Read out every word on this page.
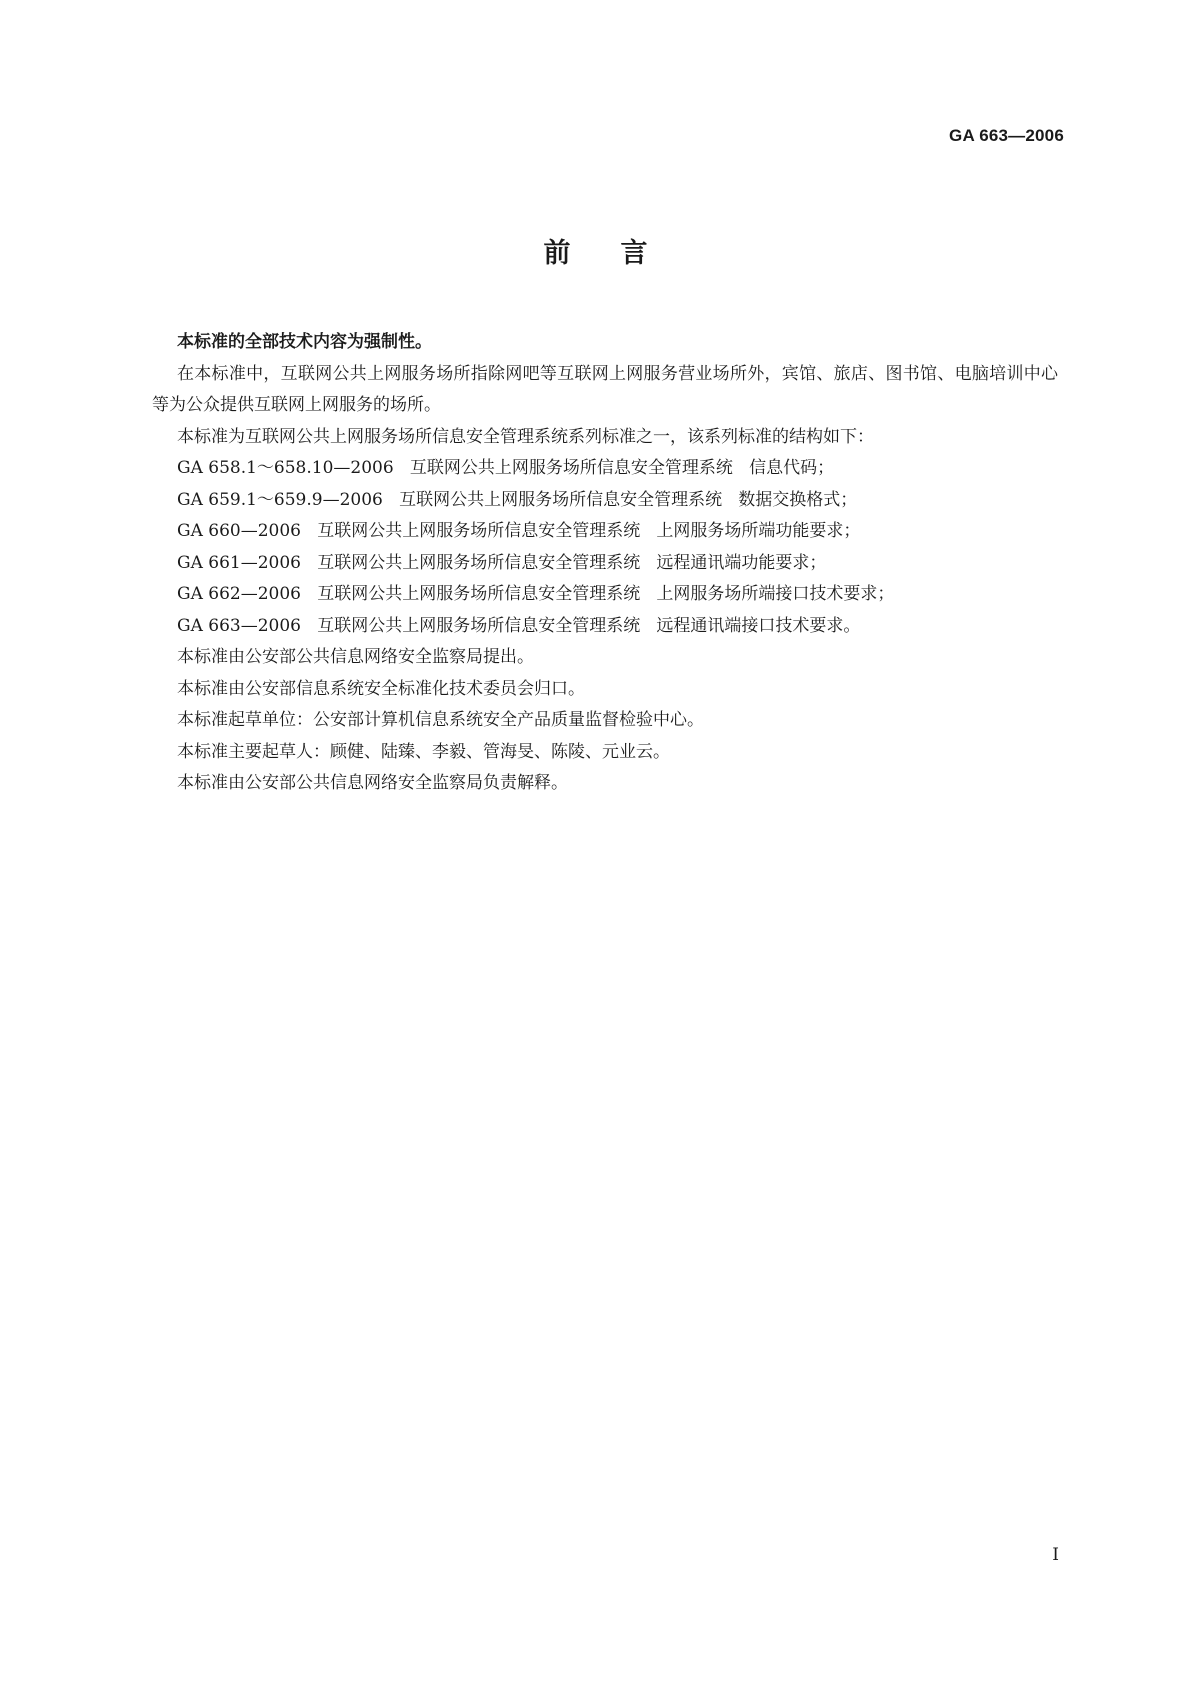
GA 663—2006
前言

本标准的全部技术内容为强制性。

在本标准中，互联网公共上网服务场所指除网吧等互联网上网服务营业场所外，宾馆、旅店、图书馆、电脑培训中心等为公众提供互联网上网服务的场所。

本标准为互联网公共上网服务场所信息安全管理系统系列标准之一，该系列标准的结构如下：

GA 658.1～658.10—2006 互联网公共上网服务场所信息安全管理系统 信息代码；

GA 659.1～659.9—2006 互联网公共上网服务场所信息安全管理系统 数据交换格式；

GA 660—2006 互联网公共上网服务场所信息安全管理系统 上网服务场所端功能要求；

GA 661—2006 互联网公共上网服务场所信息安全管理系统 远程通讯端功能要求；

GA 662—2006 互联网公共上网服务场所信息安全管理系统 上网服务场所端接口技术要求；

GA 663—2006 互联网公共上网服务场所信息安全管理系统 远程通讯端接口技术要求。

本标准由公安部公共信息网络安全监察局提出。

本标准由公安部信息系统安全标准化技术委员会归口。

本标准起草单位：公安部计算机信息系统安全产品质量监督检验中心。

本标准主要起草人：顾健、陆臻、李毅、管海旻、陈陵、元业云。

本标准由公安部公共信息网络安全监察局负责解释。

I
